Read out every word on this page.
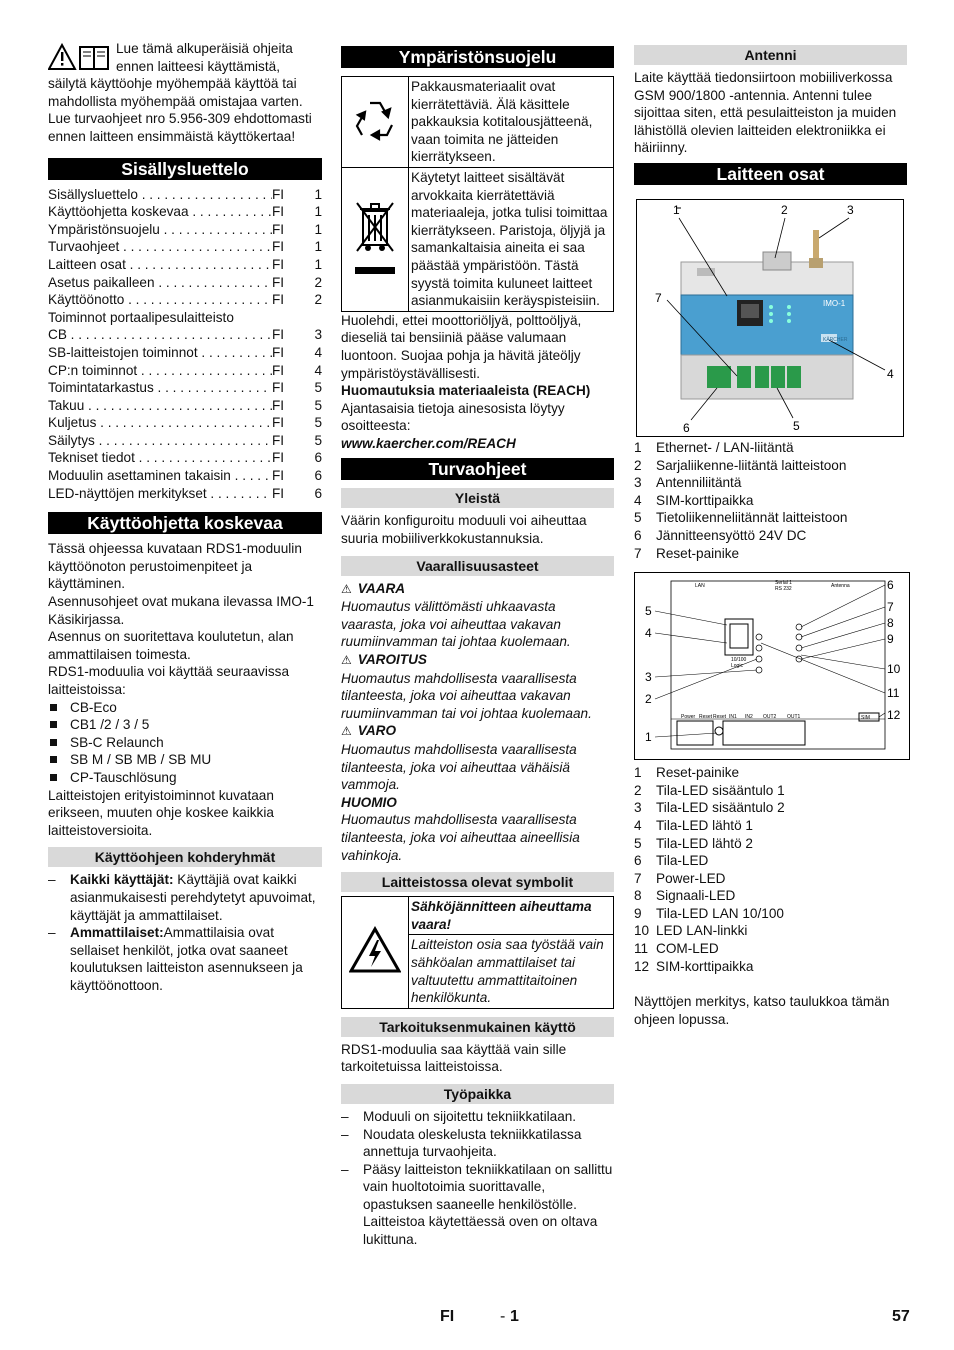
Lue tämä alkuperäisiä ohjeita ennen laitteesi käyttämistä, säilytä käyttöohje myöhempää käyttöä tai mahdollista myöhempää omistajaa varten. Lue turvaohjeet nro 5.956-309 ehdottomasti ennen laitteen ensimmäistä käyttökertaa!

Sisällysluettelo
Sisällysluettelo . . .	FI	1
Käyttöohjetta koskevaa . . .	FI	1
Ympäristönsuojelu . . .	FI	1
Turvaohjeet . . .	FI	1
Laitteen osat . . .	FI	1
Asetus paikalleen . . .	FI	2
Käyttöönotto . . .	FI	2
Toiminnot portaalipesulaitteisto
CB . . .	FI	3
SB-laitteistojen toiminnot . . .	FI	4
CP:n toiminnot . . .	FI	4
Toimintatarkastus . . .	FI	5
Takuu . . .	FI	5
Kuljetus . . .	FI	5
Säilytys . . .	FI	5
Tekniset tiedot . . .	FI	6
Moduulin asettaminen takaisin . . .	FI	6
LED-näyttöjen merkitykset . . .	FI	6
Käyttöohjetta koskevaa

Tässä ohjeessa kuvataan RDS1-moduulin käyttöönoton perustoimenpiteet ja käyttäminen.

Asennusohjeet ovat mukana ilevassa IMO-1 Käsikirjassa.

Asennus on suoritettava koulutetun, alan ammattilaisen toimesta.

RDS1-moduulia voi käyttää seuraavissa laitteistoissa:

CB-Eco
CB1 /2 / 3 / 5
SB-C Relaunch
SB M / SB MB / SB MU
CP-Tauschlösung

Laitteistojen erityistoiminnot kuvataan erikseen, muuten ohje koskee kaikkia laitteistoversioita.

Käyttöohjeen kohderyhmät
– Kaikki käyttäjät: Käyttäjiä ovat kaikki asianmukaisesti perehdytetyt apuvoimat, käyttäjät ja ammattilaiset.
– Ammattilaiset:Ammattilaisia ovat sellaiset henkilöt, jotka ovat saaneet koulutuksen laitteiston asennukseen ja käyttöönottoon.
Ympäristönsuojelu
	Pakkausmateriaalit ovat kierrätettäviä. Älä käsittele pakkauksia kotitalousjätteenä, vaan toimita ne jätteiden kierrätykseen.
	Käytetyt laitteet sisältävät arvokkaita kierrätettäviä materiaaleja, jotka tulisi toimittaa kierrätykseen. Paristoja, öljyjä ja samankaltaisia aineita ei saa päästää ympäristöön. Tästä syystä toimita kuluneet laitteet asianmukaisiin keräyspisteisiin.

Huolehdi, ettei moottoriöljyä, polttoöljyä, dieseliä tai bensiiniä pääse valumaan luontoon. Suojaa pohja ja hävitä jäteöljy ympäristöystävällisesti.

Huomautuksia materiaaleista (REACH)

Ajantasaisia tietoja ainesosista löytyy osoitteesta:

www.kaercher.com/REACH

Turvaohjeet
Yleistä

Väärin konfiguroitu moduuli voi aiheuttaa suuria mobiiliverkkokustannuksia.

Vaarallisuusasteet
⚠ VAARA

Huomautus välittömästi uhkaavasta vaarasta, joka voi aiheuttaa vakavan ruumiinvamman tai johtaa kuolemaan.

⚠ VAROITUS

Huomautus mahdollisesta vaarallisesta tilanteesta, joka voi aiheuttaa vakavan ruumiinvamman tai voi johtaa kuolemaan.

⚠ VARO

Huomautus mahdollisesta vaarallisesta tilanteesta, joka voi aiheuttaa vähäisiä vammoja.

HUOMIO

Huomautus mahdollisesta vaarallisesta tilanteesta, joka voi aiheuttaa aineellisia vahinkoja.

Laitteistossa olevat symbolit
	Sähköjännitteen aiheuttama vaara!
Laitteiston osia saa työstää vain sähköalan ammattilaiset tai valtuutettu ammattitaitoinen henkilökunta.
Tarkoituksenmukainen käyttö

RDS1-moduulia saa käyttää vain sille tarkoitetuissa laitteistoissa.

Työpaikka
– Moduuli on sijoitettu tekniikkatilaan.
– Noudata oleskelusta tekniikkatilassa annettuja turvaohjeita.
– Pääsy laitteiston tekniikkatilaan on sallittu vain huoltotoimia suorittavalle, opastuksen saaneelle henkilöstölle. Laitteistoa käytettäessä oven on oltava lukittuna.
Antenni

Laite käyttää tiedonsiirtoon mobiiliverkossa GSM 900/1800 -antennia. Antenni tulee sijoittaa siten, että pesulaitteiston ja muiden lähistöllä olevien laitteiden elektroniikka ei häiriinny.

Laitteen osat
1	2	3
7
4
6	5
IMO-1
KÄRCHER
1	Ethernet- / LAN-liitäntä
2	Sarjaliikenne-liitäntä laitteistoon
3	Antenniliitäntä
4	SIM-korttipaikka
5	Tietoliikenneliitännät laitteistoon
6	Jännitteensyöttö 24V DC
7	Reset-painike
LAN	Serial 1
RS 232	Antenna
Power Reset Reset IN1 IN2 OUT2 OUT1
10/100
Logic
SIM
5
4
3
2
1
6
7
8
9
10
11
12
1	Reset-painike
2	Tila-LED sisääntulo 1
3	Tila-LED sisääntulo 2
4	Tila-LED lähtö 1
5	Tila-LED lähtö 2
6	Tila-LED
7	Power-LED
8	Signaali-LED
9	Tila-LED LAN 10/100
10 LED LAN-linkki
11 COM-LED
12 SIM-korttipaikka

Näyttöjen merkitys, katso taulukkoa tämän ohjeen lopussa.

FI	- 1	57
